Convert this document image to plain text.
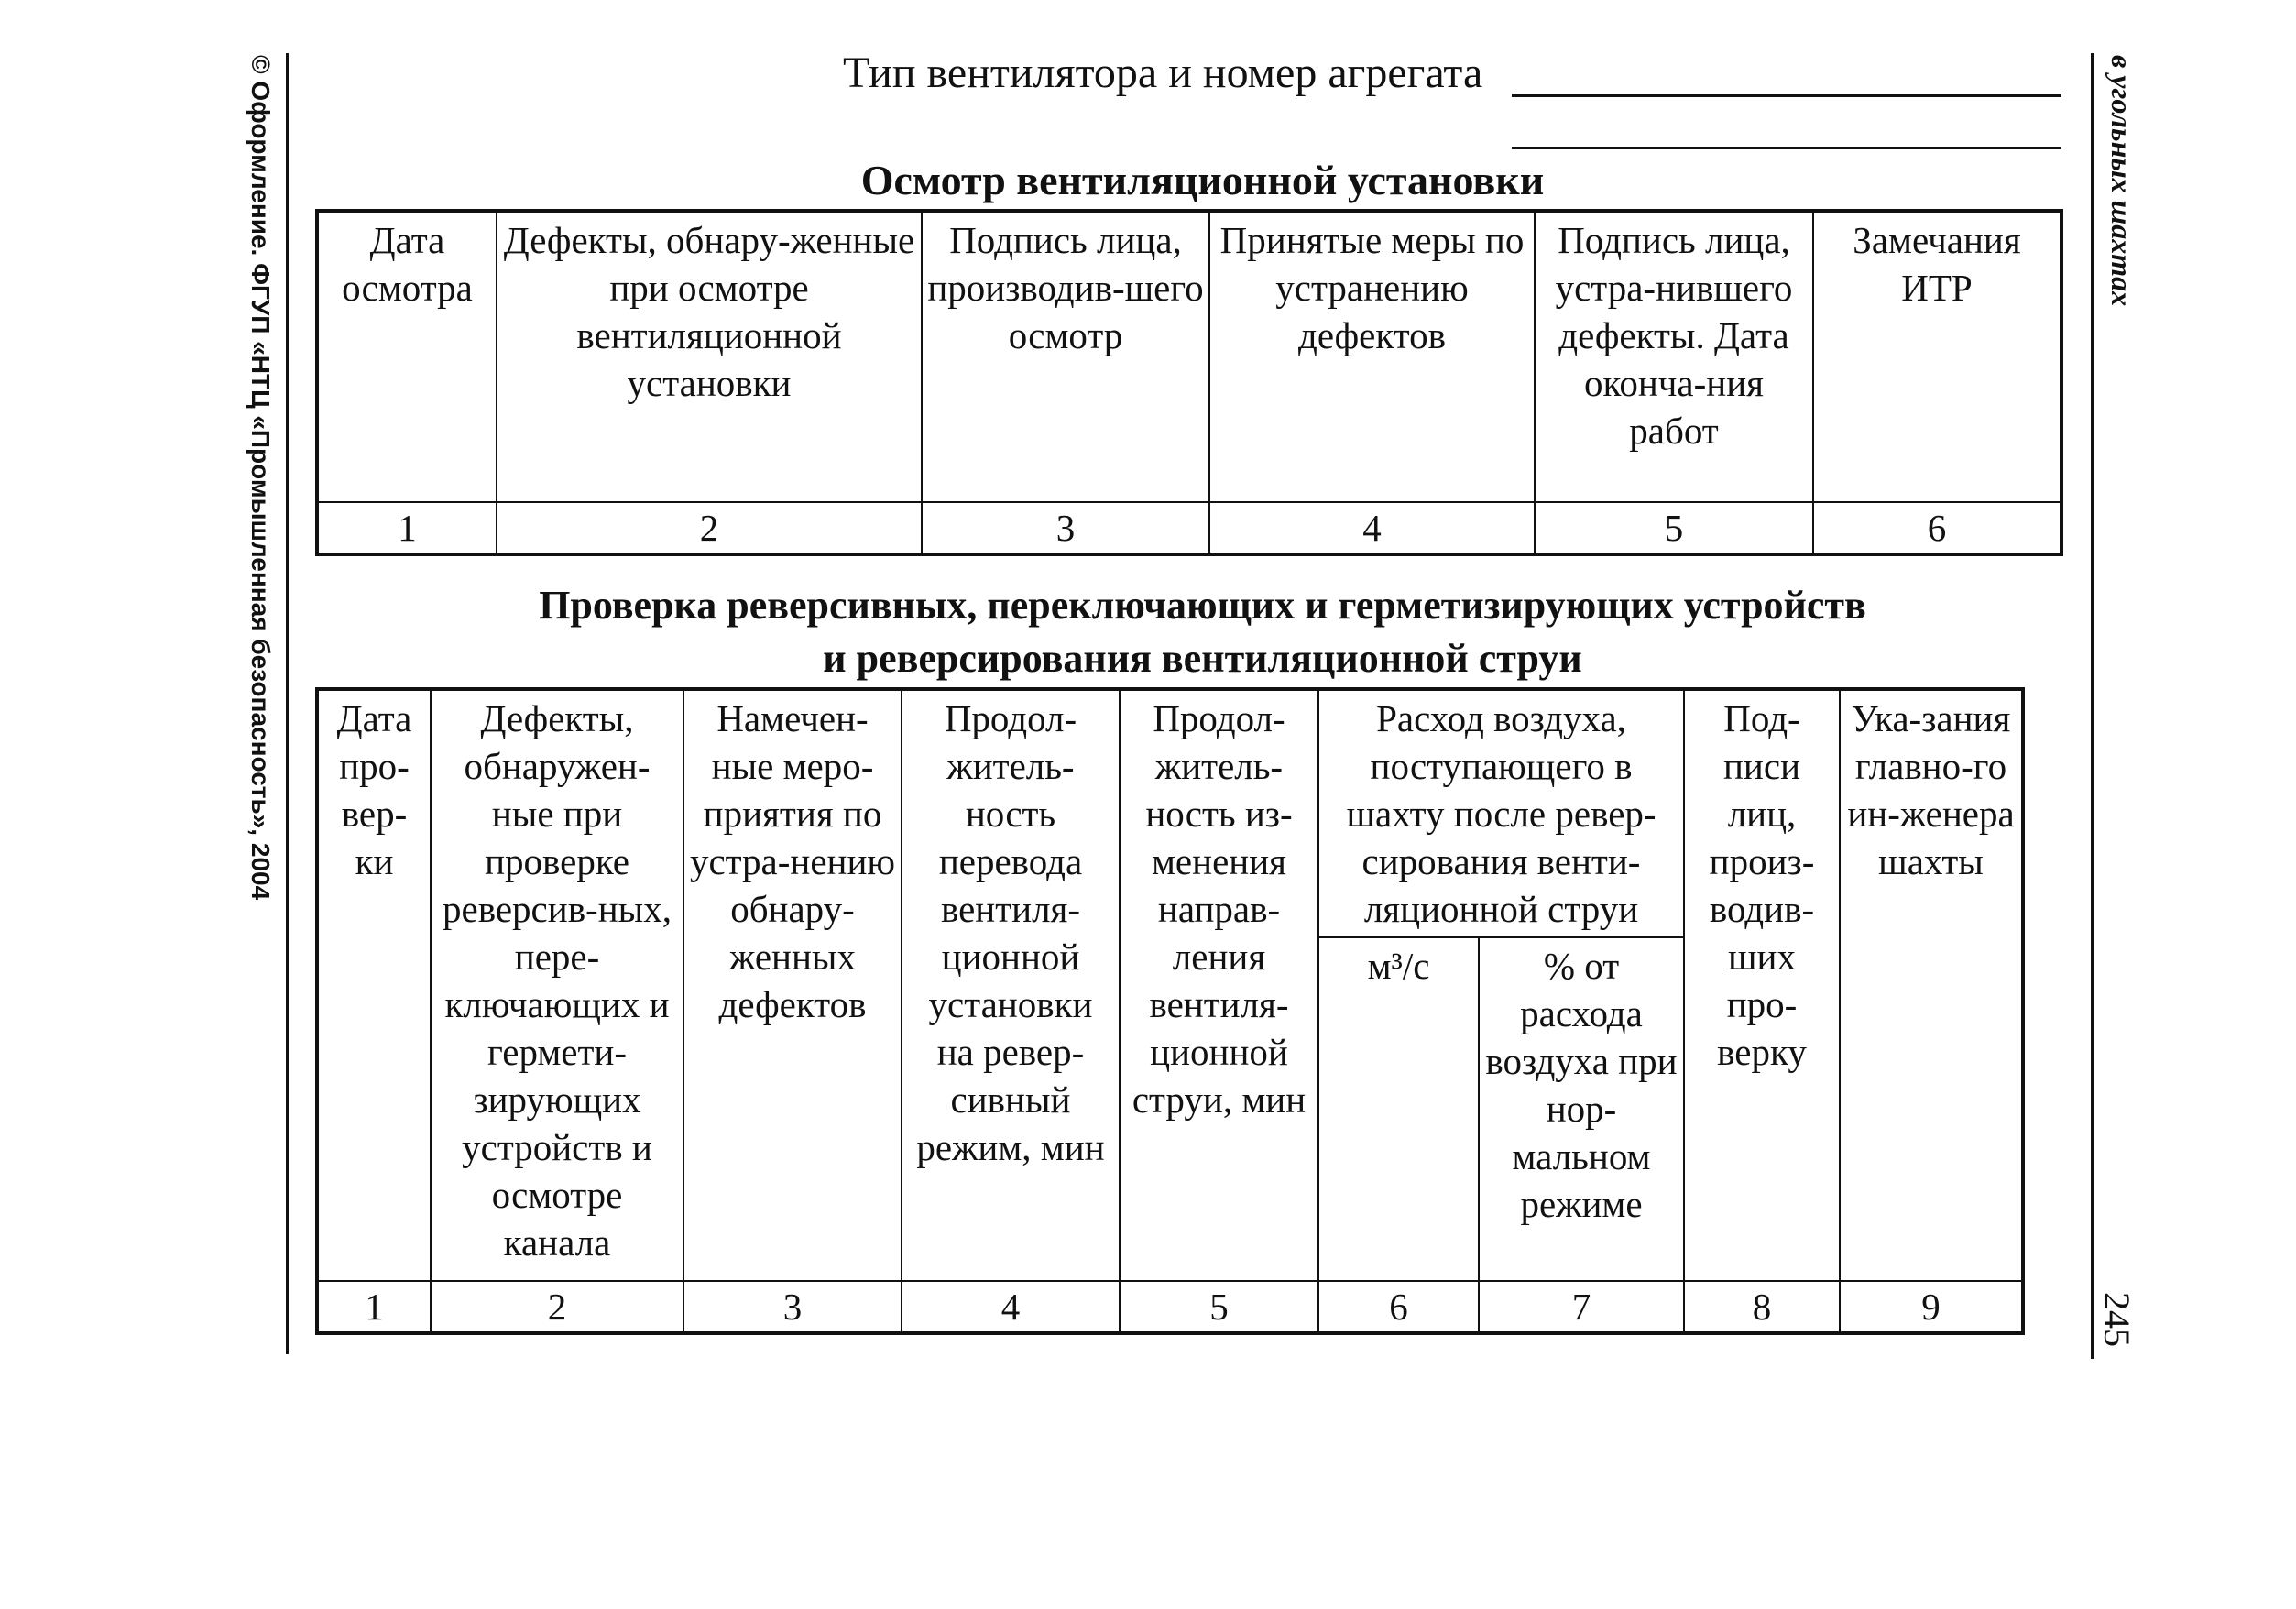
© Оформление. ФГУП «НТЦ «Промышленная безопасность», 2004	в угольных шахтах
245
Тип вентилятора и номер агрегата
Осмотр вентиляционной установки
Дата осмотра	Дефекты, обнару-женные при осмотре вентиляционной установки	Подпись лица, производив-шего осмотр	Принятые меры по устранению дефектов	Подпись лица, устра-нившего дефекты. Дата оконча-ния работ	Замечания ИТР
1	2	3	4	5	6
Проверка реверсивных, переключающих и герметизирующих устройств
и реверсирования вентиляционной струи
Дата про-вер-ки	Дефекты, обнаружен-ные при проверке реверсив-ных, пере-ключающих и гермети-зирующих устройств и осмотре канала	Намечен-ные меро-приятия по устра-нению обнару-женных дефектов	Продол-житель-ность перевода вентиля-ционной установки на ревер-сивный режим, мин	Продол-житель-ность из-менения направ-ления вентиля-ционной струи, мин	Расход воздуха, поступающего в шахту после ревер-сирования венти-ляционной струи		Под-писи лиц, произ-водив-ших про-верку	Ука-зания главно-го ин-женера шахты
					м³/с	% от расхода воздуха при нор-мальном режиме		
1	2	3	4	5	6	7	8	9
